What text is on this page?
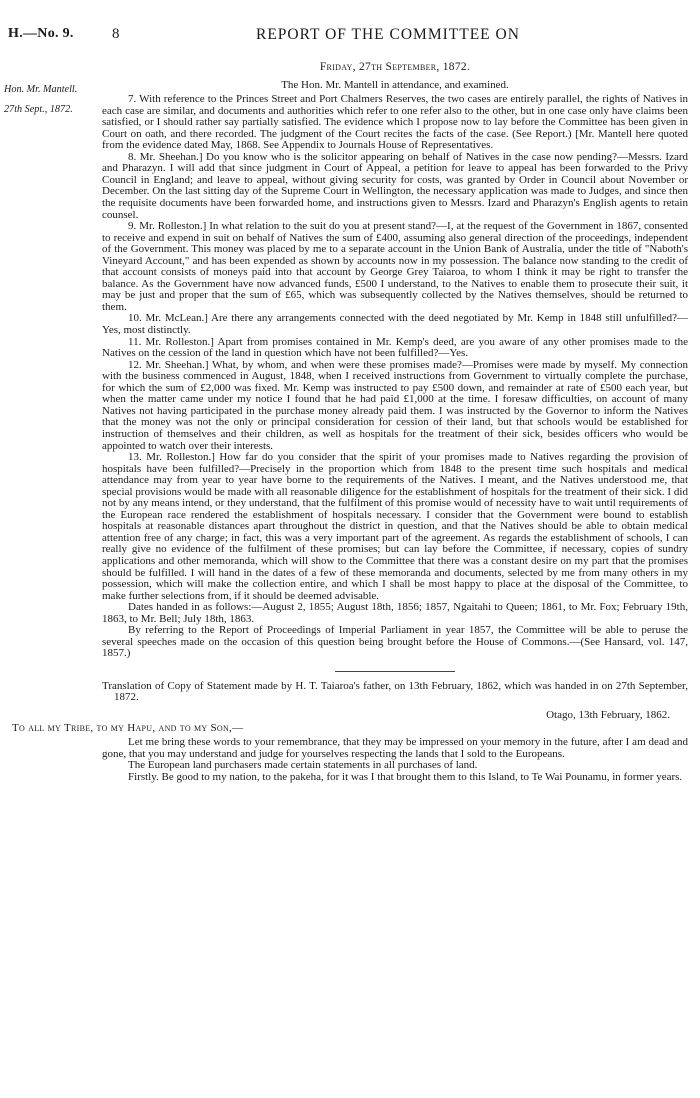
H.—No. 9.	8	REPORT OF THE COMMITTEE ON
Hon. Mr. Mantell.
27th Sept., 1872.
Friday, 27th September, 1872.
The Hon. Mr. Mantell in attendance, and examined.

7. With reference to the Princes Street and Port Chalmers Reserves, the two cases are entirely parallel, the rights of Natives in each case are similar, and documents and authorities which refer to one refer also to the other, but in one case only have claims been satisfied, or I should rather say partially satisfied. The evidence which I propose now to lay before the Committee has been given in Court on oath, and there recorded. The judgment of the Court recites the facts of the case. (See Report.) [Mr. Mantell here quoted from the evidence dated May, 1868. See Appendix to Journals House of Representatives.

8. Mr. Sheehan.] Do you know who is the solicitor appearing on behalf of Natives in the case now pending?—Messrs. Izard and Pharazyn. I will add that since judgment in Court of Appeal, a petition for leave to appeal has been forwarded to the Privy Council in England; and leave to appeal, without giving security for costs, was granted by Order in Council about November or December. On the last sitting day of the Supreme Court in Wellington, the necessary application was made to Judges, and since then the requisite documents have been forwarded home, and instructions given to Messrs. Izard and Pharazyn's English agents to retain counsel.

9. Mr. Rolleston.] In what relation to the suit do you at present stand?—I, at the request of the Government in 1867, consented to receive and expend in suit on behalf of Natives the sum of £400, assuming also general direction of the proceedings, independent of the Government. This money was placed by me to a separate account in the Union Bank of Australia, under the title of "Naboth's Vineyard Account," and has been expended as shown by accounts now in my possession. The balance now standing to the credit of that account consists of moneys paid into that account by George Grey Taiaroa, to whom I think it may be right to transfer the balance. As the Government have now advanced funds, £500 I understand, to the Natives to enable them to prosecute their suit, it may be just and proper that the sum of £65, which was subsequently collected by the Natives themselves, should be returned to them.

10. Mr. McLean.] Are there any arrangements connected with the deed negotiated by Mr. Kemp in 1848 still unfulfilled?—Yes, most distinctly.

11. Mr. Rolleston.] Apart from promises contained in Mr. Kemp's deed, are you aware of any other promises made to the Natives on the cession of the land in question which have not been fulfilled?—Yes.

12. Mr. Sheehan.] What, by whom, and when were these promises made?—Promises were made by myself. My connection with the business commenced in August, 1848, when I received instructions from Government to virtually complete the purchase, for which the sum of £2,000 was fixed. Mr. Kemp was instructed to pay £500 down, and remainder at rate of £500 each year, but when the matter came under my notice I found that he had paid £1,000 at the time. I foresaw difficulties, on account of many Natives not having participated in the purchase money already paid them. I was instructed by the Governor to inform the Natives that the money was not the only or principal consideration for cession of their land, but that schools would be established for instruction of themselves and their children, as well as hospitals for the treatment of their sick, besides officers who would be appointed to watch over their interests.

13. Mr. Rolleston.] How far do you consider that the spirit of your promises made to Natives regarding the provision of hospitals have been fulfilled?—Precisely in the proportion which from 1848 to the present time such hospitals and medical attendance may from year to year have borne to the requirements of the Natives. I meant, and the Natives understood me, that special provisions would be made with all reasonable diligence for the establishment of hospitals for the treatment of their sick. I did not by any means intend, or they understand, that the fulfilment of this promise would of necessity have to wait until requirements of the European race rendered the establishment of hospitals necessary. I consider that the Government were bound to establish hospitals at reasonable distances apart throughout the district in question, and that the Natives should be able to obtain medical attention free of any charge; in fact, this was a very important part of the agreement. As regards the establishment of schools, I can really give no evidence of the fulfilment of these promises; but can lay before the Committee, if necessary, copies of sundry applications and other memoranda, which will show to the Committee that there was a constant desire on my part that the promises should be fulfilled. I will hand in the dates of a few of these memoranda and documents, selected by me from many others in my possession, which will make the collection entire, and which I shall be most happy to place at the disposal of the Committee, to make further selections from, if it should be deemed advisable.

Dates handed in as follows:—August 2, 1855; August 18th, 1856; 1857, Ngaitahi to Queen; 1861, to Mr. Fox; February 19th, 1863, to Mr. Bell; July 18th, 1863.

By referring to the Report of Proceedings of Imperial Parliament in year 1857, the Committee will be able to peruse the several speeches made on the occasion of this question being brought before the House of Commons.—(See Hansard, vol. 147, 1857.)

Translation of Copy of Statement made by H. T. Taiaroa's father, on 13th February, 1862, which was handed in on 27th September, 1872.

Otago, 13th February, 1862.
To all my Tribe, to my Hapu, and to my Son,—

Let me bring these words to your remembrance, that they may be impressed on your memory in the future, after I am dead and gone, that you may understand and judge for yourselves respecting the lands that I sold to the Europeans.

The European land purchasers made certain statements in all purchases of land.

Firstly. Be good to my nation, to the pakeha, for it was I that brought them to this Island, to Te Wai Pounamu, in former years.
